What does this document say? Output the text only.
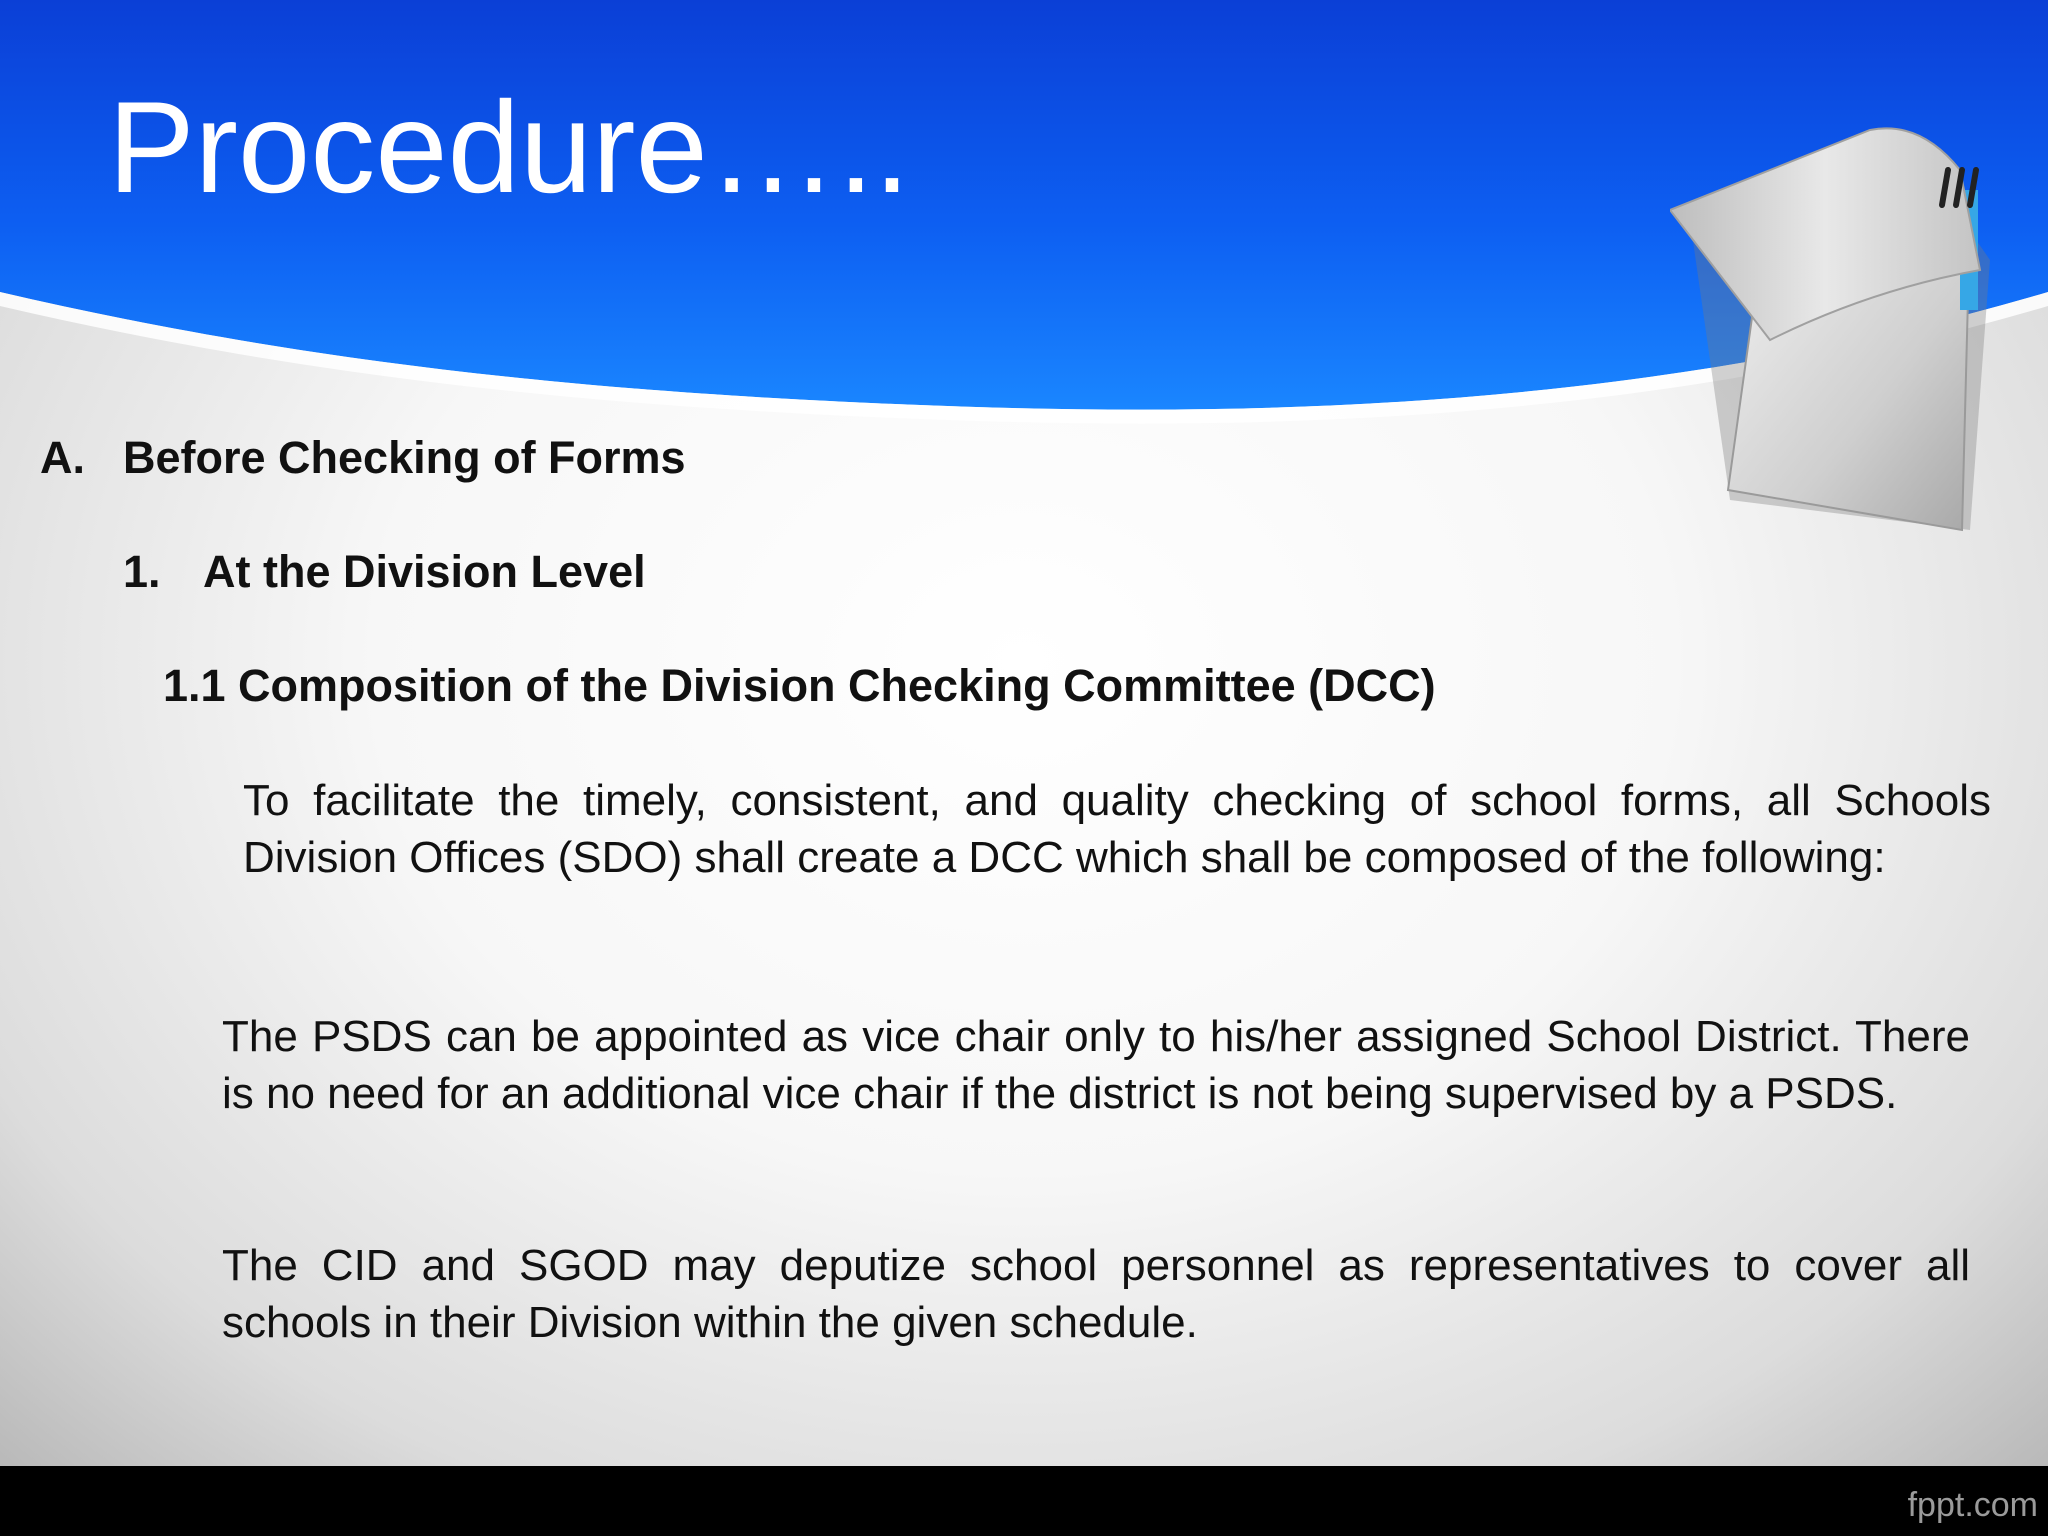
Procedure…..
A. Before Checking of Forms
1. At the Division Level
1.1 Composition of the Division Checking Committee (DCC)
To facilitate the timely, consistent, and quality checking of school forms, all Schools Division Offices (SDO) shall create a DCC which shall be composed of the following:
The PSDS can be appointed as vice chair only to his/her assigned School District. There is no need for an additional vice chair if the district is not being supervised by a PSDS.
The CID and SGOD may deputize school personnel as representatives to cover all schools in their Division within the given schedule.
fppt.com
